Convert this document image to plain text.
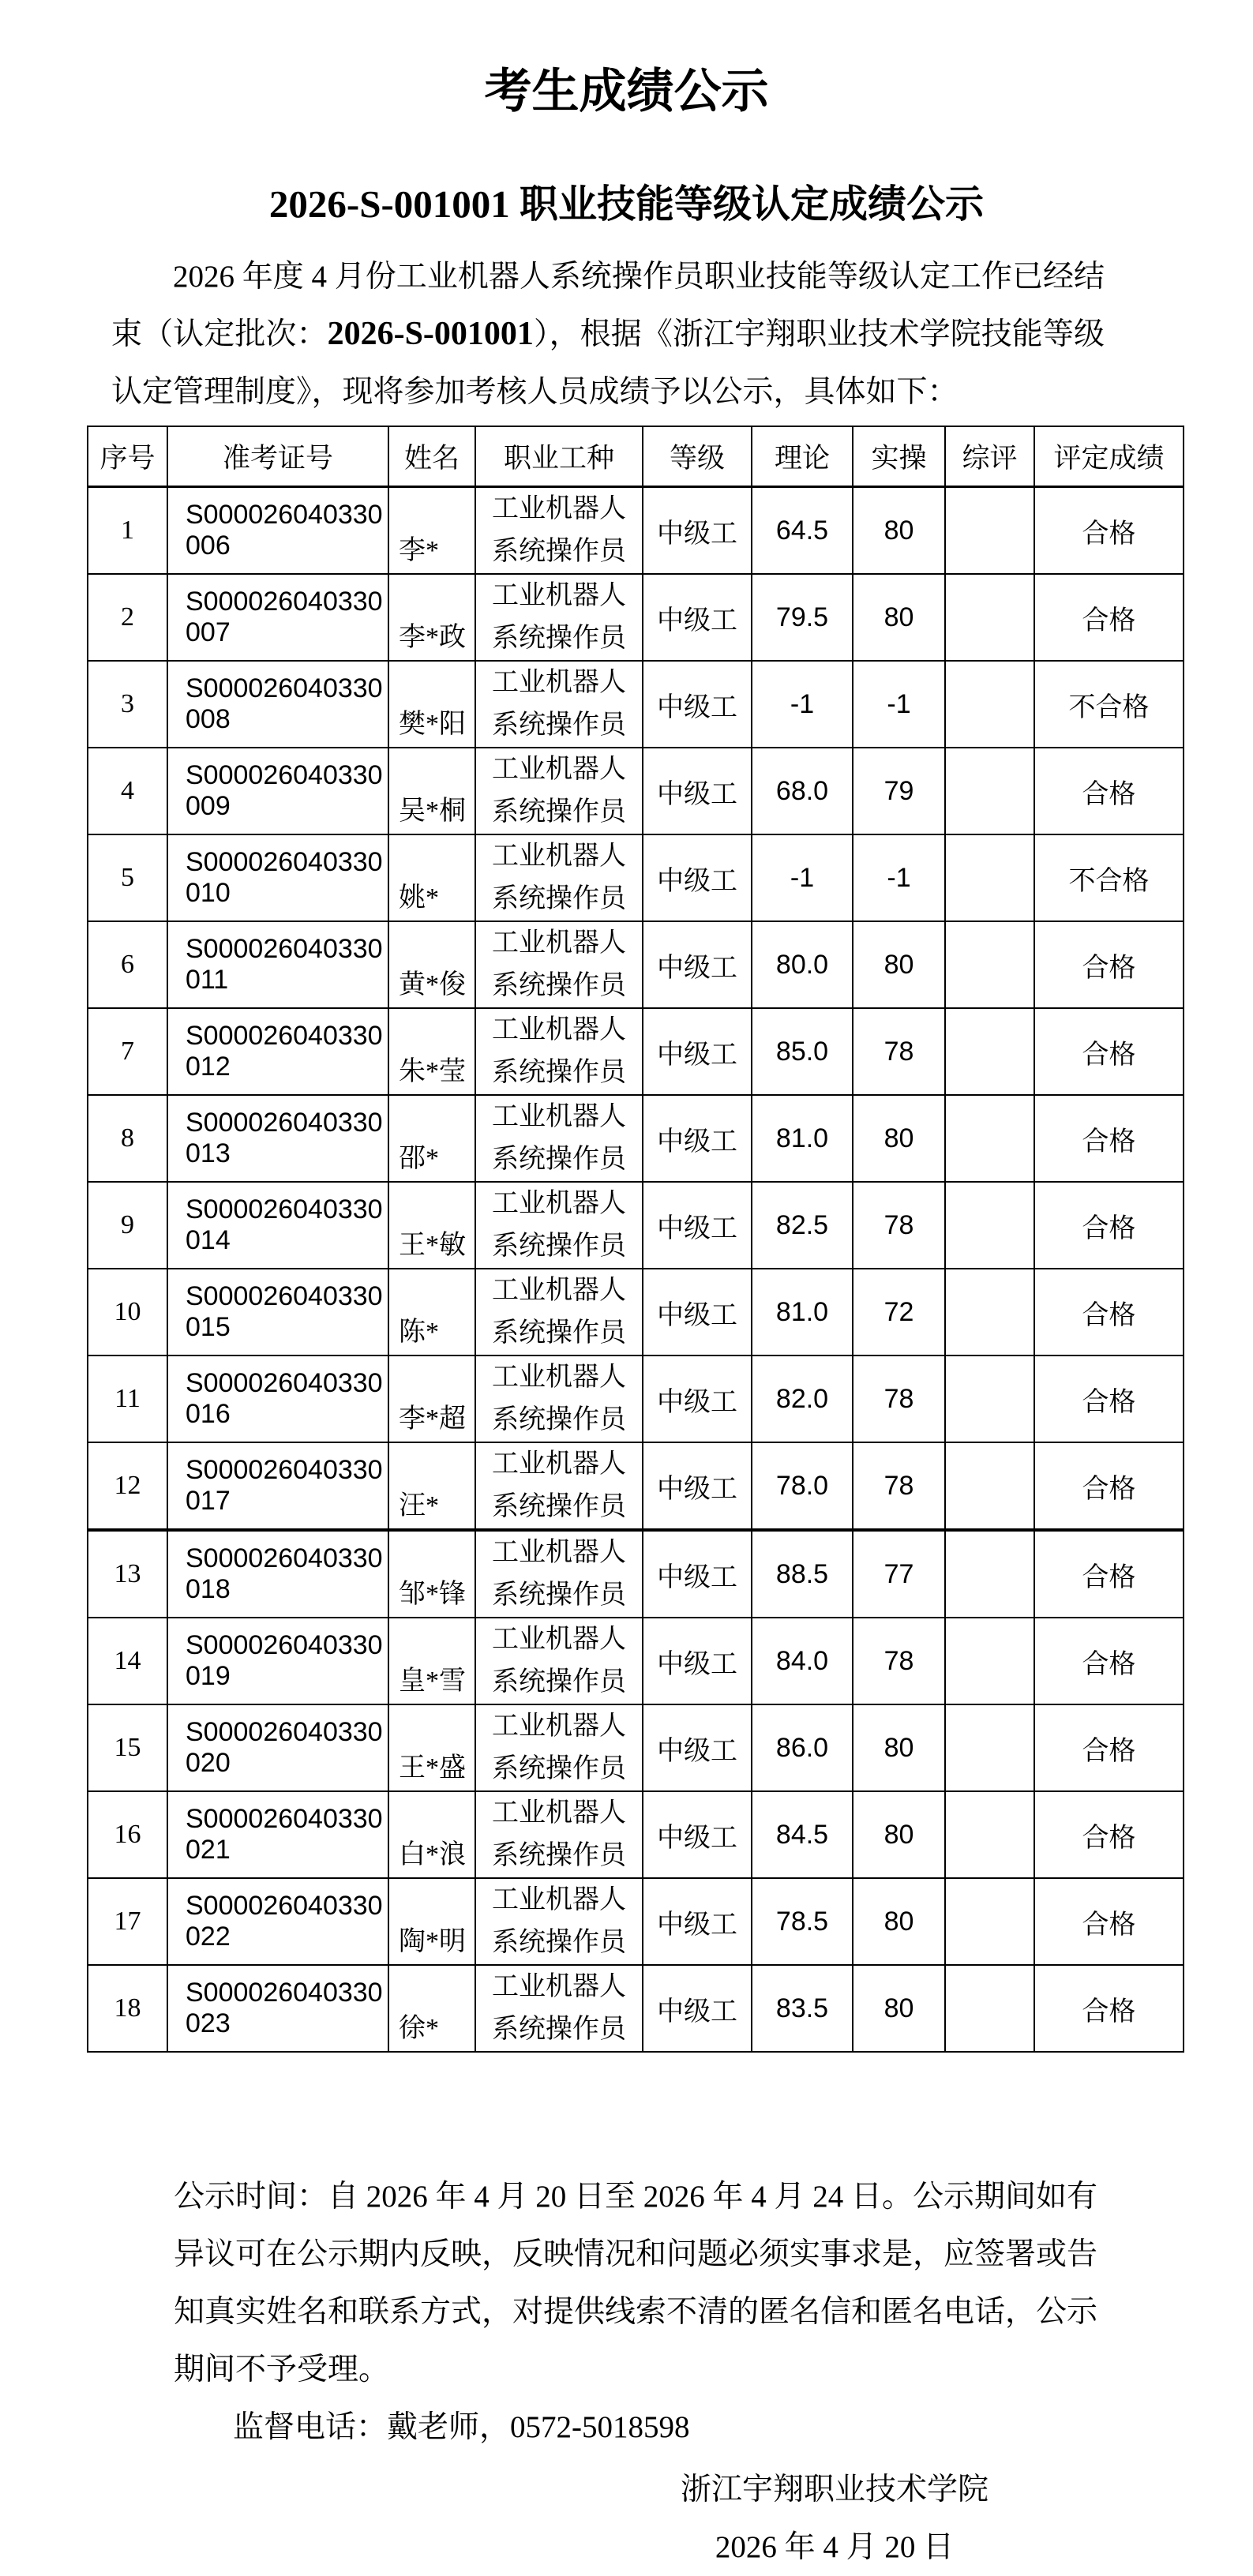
考生成绩公示
2026-S-001001 职业技能等级认定成绩公示

2026 年度 4 月份工业机器人系统操作员职业技能等级认定工作已经结束（认定批次：2026-S-001001），根据《浙江宇翔职业技术学院技能等级认定管理制度》，现将参加考核人员成绩予以公示，具体如下：

序号	准考证号	姓名	职业工种	等级	理论	实操	综评	评定成绩
1	S000026040330006	李*	工业机器人系统操作员	中级工	64.5	80		合格
2	S000026040330007	李*政	工业机器人系统操作员	中级工	79.5	80		合格
3	S000026040330008	樊*阳	工业机器人系统操作员	中级工	-1	-1		不合格
4	S000026040330009	吴*桐	工业机器人系统操作员	中级工	68.0	79		合格
5	S000026040330010	姚*	工业机器人系统操作员	中级工	-1	-1		不合格
6	S000026040330011	黄*俊	工业机器人系统操作员	中级工	80.0	80		合格
7	S000026040330012	朱*莹	工业机器人系统操作员	中级工	85.0	78		合格
8	S000026040330013	邵*	工业机器人系统操作员	中级工	81.0	80		合格
9	S000026040330014	王*敏	工业机器人系统操作员	中级工	82.5	78		合格
10	S000026040330015	陈*	工业机器人系统操作员	中级工	81.0	72		合格
11	S000026040330016	李*超	工业机器人系统操作员	中级工	82.0	78		合格
12	S000026040330017	汪*	工业机器人系统操作员	中级工	78.0	78		合格
13	S000026040330018	邹*锋	工业机器人系统操作员	中级工	88.5	77		合格
14	S000026040330019	皇*雪	工业机器人系统操作员	中级工	84.0	78		合格
15	S000026040330020	王*盛	工业机器人系统操作员	中级工	86.0	80		合格
16	S000026040330021	白*浪	工业机器人系统操作员	中级工	84.5	80		合格
17	S000026040330022	陶*明	工业机器人系统操作员	中级工	78.5	80		合格
18	S000026040330023	徐*	工业机器人系统操作员	中级工	83.5	80		合格

公示时间：自 2026 年 4 月 20 日至 2026 年 4 月 24 日。公示期间如有异议可在公示期内反映，反映情况和问题必须实事求是，应签署或告知真实姓名和联系方式，对提供线索不清的匿名信和匿名电话，公示期间不予受理。

监督电话：戴老师，0572-5018598

浙江宇翔职业技术学院
2026 年 4 月 20 日
